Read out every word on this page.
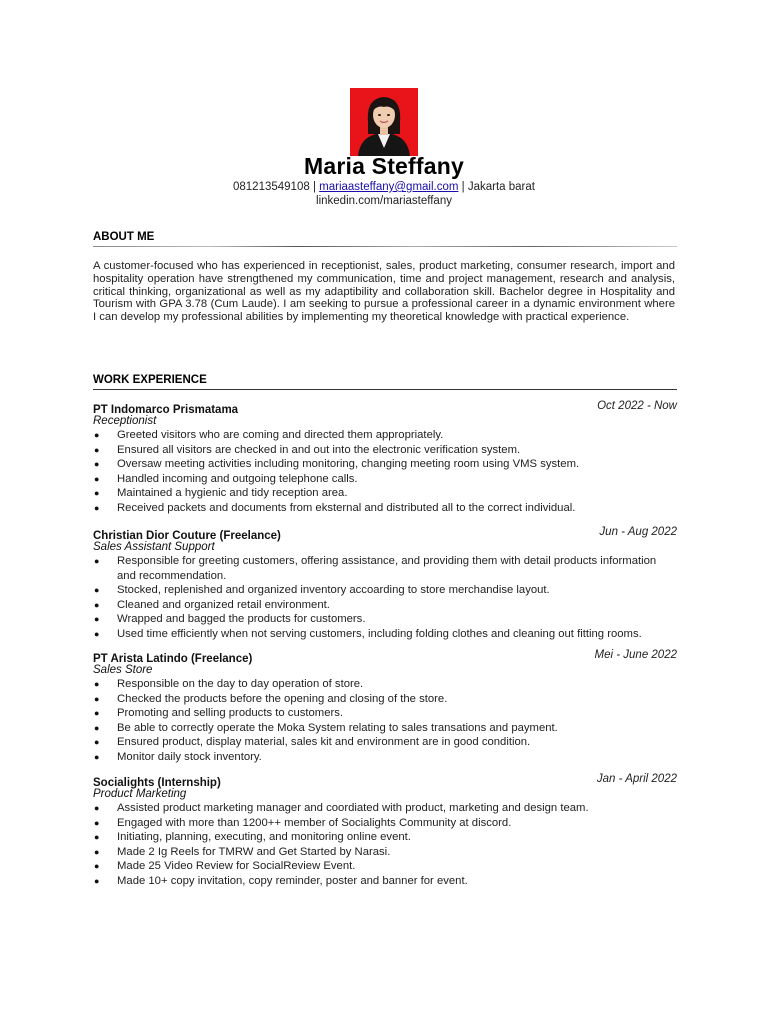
Maria Steffany
081213549108 | mariaasteffany@gmail.com | Jakarta barat
linkedin.com/mariasteffany
ABOUT ME
A customer-focused who has experienced in receptionist, sales, product marketing, consumer research, import and hospitality operation have strengthened my communication, time and project management, research and analysis, critical thinking, organizational as well as my adaptibility and collaboration skill. Bachelor degree in Hospitality and Tourism with GPA 3.78 (Cum Laude). I am seeking to pursue a professional career in a dynamic environment where I can develop my professional abilities by implementing my theoretical knowledge with practical experience.
WORK EXPERIENCE
PT Indomarco Prismatama	Oct 2022 - Now
Receptionist
● Greeted visitors who are coming and directed them appropriately.
● Ensured all visitors are checked in and out into the electronic verification system.
● Oversaw meeting activities including monitoring, changing meeting room using VMS system.
● Handled incoming and outgoing telephone calls.
● Maintained a hygienic and tidy reception area.
● Received packets and documents from eksternal and distributed all to the correct individual.
Christian Dior Couture (Freelance)	Jun - Aug 2022
Sales Assistant Support
● Responsible for greeting customers, offering assistance, and providing them with detail products information and recommendation.
● Stocked, replenished and organized inventory accoarding to store merchandise layout.
● Cleaned and organized retail environment.
● Wrapped and bagged the products for customers.
● Used time efficiently when not serving customers, including folding clothes and cleaning out fitting rooms.
PT Arista Latindo (Freelance)	Mei - June 2022
Sales Store
● Responsible on the day to day operation of store.
● Checked the products before the opening and closing of the store.
● Promoting and selling products to customers.
● Be able to correctly operate the Moka System relating to sales transations and payment.
● Ensured product, display material, sales kit and environment are in good condition.
● Monitor daily stock inventory.
Socialights (Internship)	Jan - April 2022
Product Marketing
● Assisted product marketing manager and coordiated with product, marketing and design team.
● Engaged with more than 1200++ member of Socialights Community at discord.
● Initiating, planning, executing, and monitoring online event.
● Made 2 Ig Reels for TMRW and Get Started by Narasi.
● Made 25 Video Review for SocialReview Event.
● Made 10+ copy invitation, copy reminder, poster and banner for event.
